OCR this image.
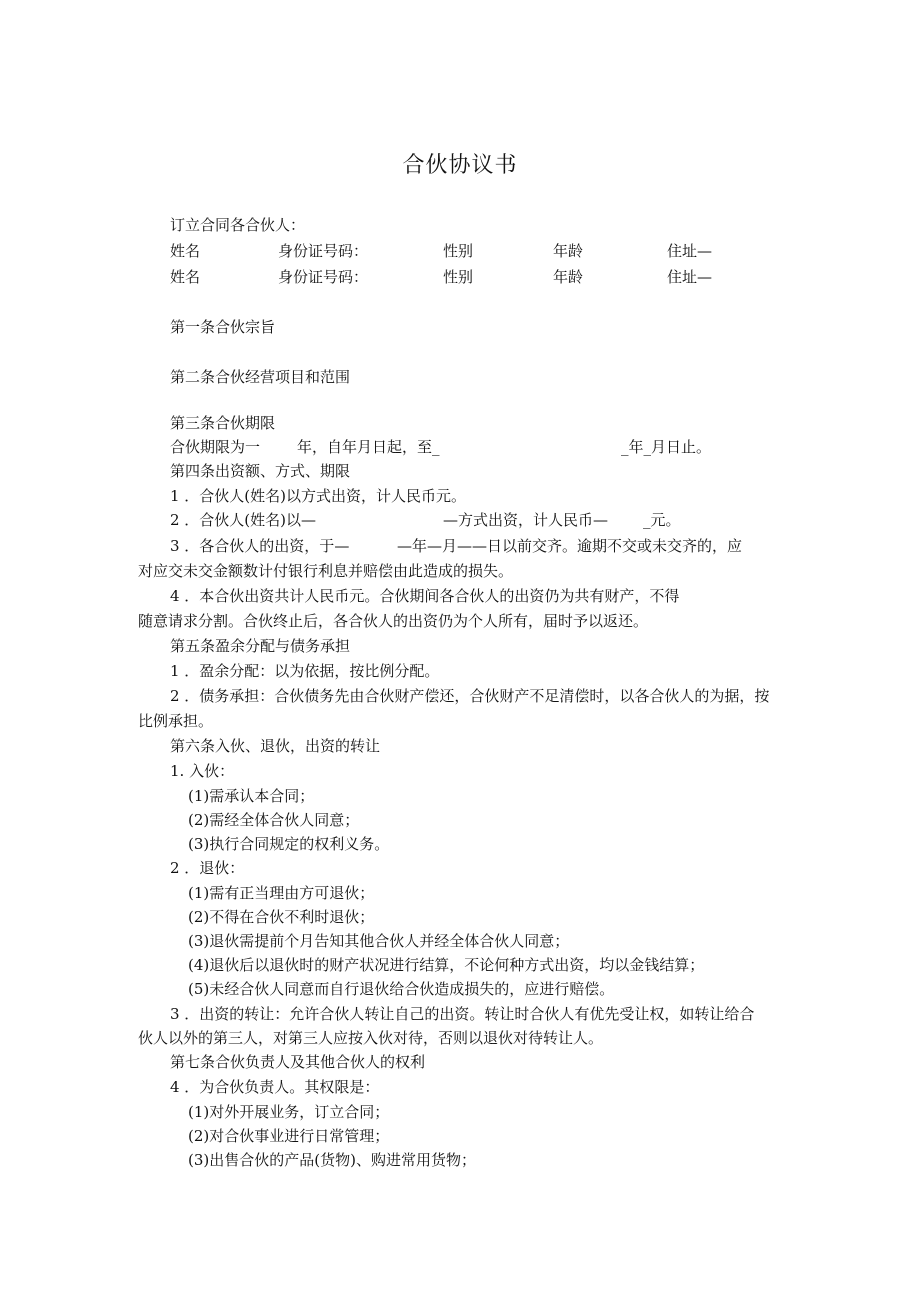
合伙协议书
订立合同各合伙人：
姓名	身份证号码：	性别	年龄	住址—
姓名	身份证号码：	性别	年龄	住址—
第一条合伙宗旨
第二条合伙经营项目和范围
第三条合伙期限
合伙期限为一 年，自年月日起，至_	_年_月日止。
第四条出资额、方式、期限
1 ．合伙人(姓名)以方式出资，计人民币元。
2 ．合伙人(姓名)以—	—方式出资，计人民币— _元。
3 ．各合伙人的出资，于—	—年—月——日以前交齐。逾期不交或未交齐的，应
对应交未交金额数计付银行利息并赔偿由此造成的损失。
4 ．本合伙出资共计人民币元。合伙期间各合伙人的出资仍为共有财产，不得
随意请求分割。合伙终止后，各合伙人的出资仍为个人所有，届时予以返还。
第五条盈余分配与债务承担
1 ．盈余分配：以为依据，按比例分配。
2 ．债务承担：合伙债务先由合伙财产偿还，合伙财产不足清偿时，以各合伙人的为据，按
比例承担。
第六条入伙、退伙，出资的转让
1. 入伙：
(1)需承认本合同；
(2)需经全体合伙人同意；
(3)执行合同规定的权利义务。
2 ．退伙：
(1)需有正当理由方可退伙；
(2)不得在合伙不利时退伙；
(3)退伙需提前个月告知其他合伙人并经全体合伙人同意；
(4)退伙后以退伙时的财产状况进行结算，不论何种方式出资，均以金钱结算；
(5)未经合伙人同意而自行退伙给合伙造成损失的，应进行赔偿。
3 ．出资的转让：允许合伙人转让自己的出资。转让时合伙人有优先受让权，如转让给合
伙人以外的第三人，对第三人应按入伙对待，否则以退伙对待转让人。
第七条合伙负责人及其他合伙人的权利
4 ．为合伙负责人。其权限是：
(1)对外开展业务，订立合同；
(2)对合伙事业进行日常管理；
(3)出售合伙的产品(货物)、购进常用货物；
